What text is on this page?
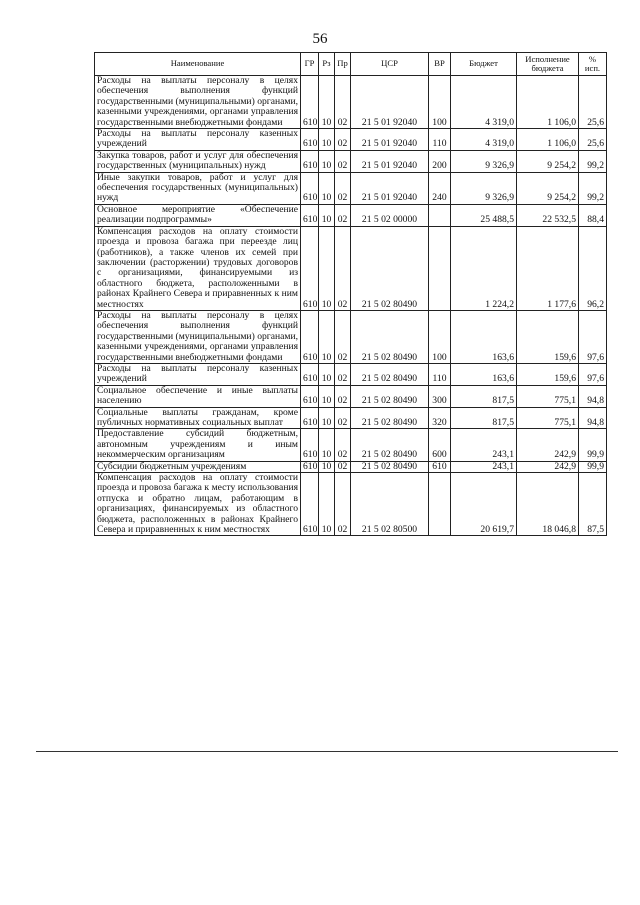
56
Наименование	ГР	Рз	Пр	ЦСР	ВР	Бюджет	Исполнение бюджета	% исп.
Расходы на выплаты персоналу в целях обеспечения выполнения функций государственными (муниципальными) органами, казенными учреждениями, органами управления государственными внебюджетными фондами	610	10	02	21 5 01 92040	100	4 319,0	1 106,0	25,6
Расходы на выплаты персоналу казенных учреждений	610	10	02	21 5 01 92040	110	4 319,0	1 106,0	25,6
Закупка товаров, работ и услуг для обеспечения государственных (муниципальных) нужд	610	10	02	21 5 01 92040	200	9 326,9	9 254,2	99,2
Иные закупки товаров, работ и услуг для обеспечения государственных (муниципальных) нужд	610	10	02	21 5 01 92040	240	9 326,9	9 254,2	99,2
Основное мероприятие «Обеспечение реализации подпрограммы»	610	10	02	21 5 02 00000		25 488,5	22 532,5	88,4
Компенсация расходов на оплату стоимости проезда и провоза багажа при переезде лиц (работников), а также членов их семей при заключении (расторжении) трудовых договоров с организациями, финансируемыми из областного бюджета, расположенными в районах Крайнего Севера и приравненных к ним местностях	610	10	02	21 5 02 80490		1 224,2	1 177,6	96,2
Расходы на выплаты персоналу в целях обеспечения выполнения функций государственными (муниципальными) органами, казенными учреждениями, органами управления государственными внебюджетными фондами	610	10	02	21 5 02 80490	100	163,6	159,6	97,6
Расходы на выплаты персоналу казенных учреждений	610	10	02	21 5 02 80490	110	163,6	159,6	97,6
Социальное обеспечение и иные выплаты населению	610	10	02	21 5 02 80490	300	817,5	775,1	94,8
Социальные выплаты гражданам, кроме публичных нормативных социальных выплат	610	10	02	21 5 02 80490	320	817,5	775,1	94,8
Предоставление субсидий бюджетным, автономным учреждениям и иным некоммерческим организациям	610	10	02	21 5 02 80490	600	243,1	242,9	99,9
Субсидии бюджетным учреждениям	610	10	02	21 5 02 80490	610	243,1	242,9	99,9
Компенсация расходов на оплату стоимости проезда и провоза багажа к месту использования отпуска и обратно лицам, работающим в организациях, финансируемых из областного бюджета, расположенных в районах Крайнего Севера и приравненных к ним местностях	610	10	02	21 5 02 80500		20 619,7	18 046,8	87,5
